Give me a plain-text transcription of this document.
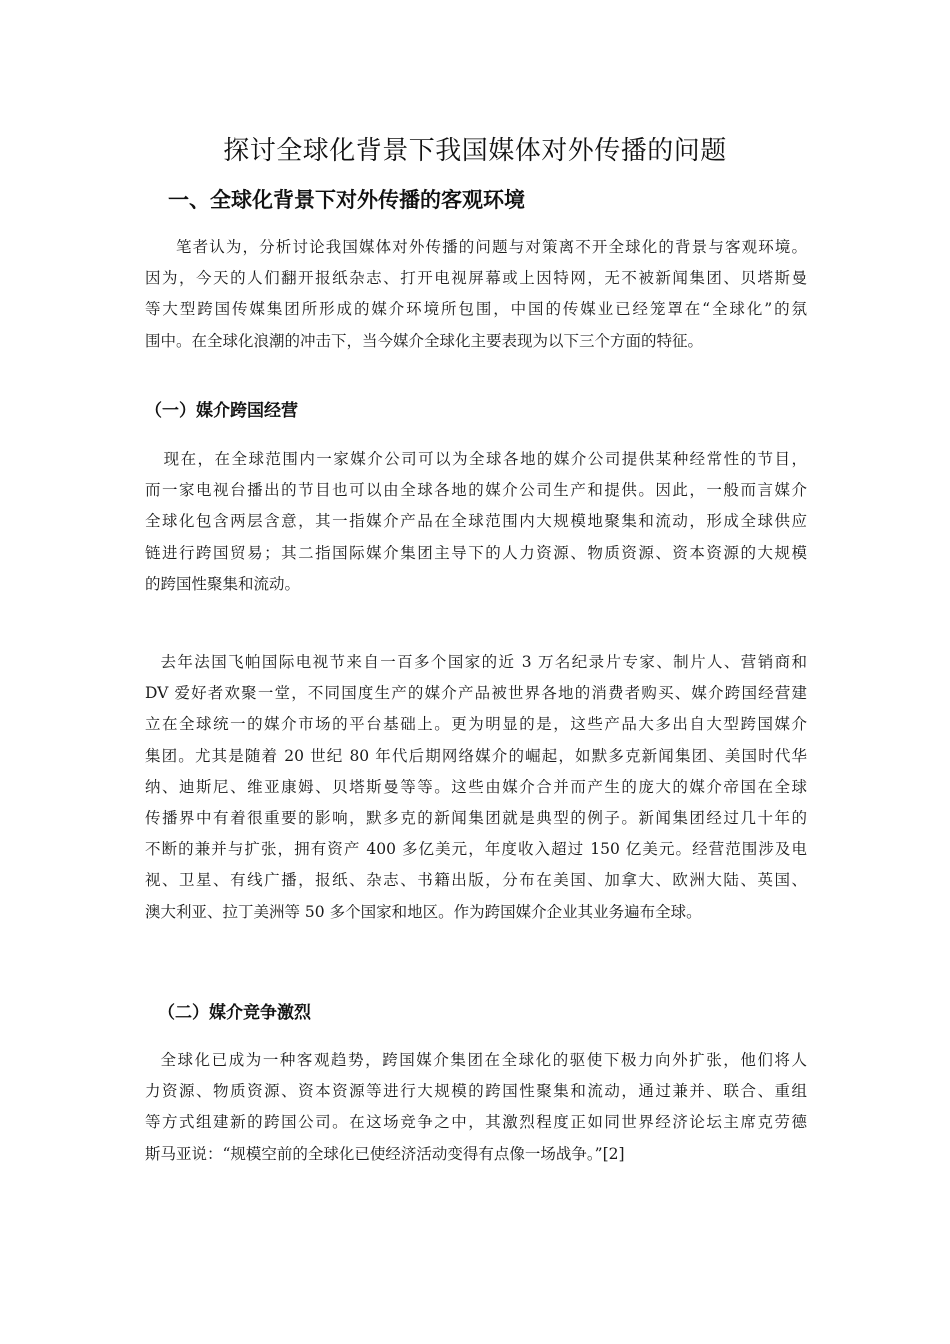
探讨全球化背景下我国媒体对外传播的问题
一、全球化背景下对外传播的客观环境
笔者认为，分析讨论我国媒体对外传播的问题与对策离不开全球化的背景与客观环境。
因为，今天的人们翻开报纸杂志、打开电视屏幕或上因特网，无不被新闻集团、贝塔斯曼
等大型跨国传媒集团所形成的媒介环境所包围，中国的传媒业已经笼罩在“全球化”的氛
围中。在全球化浪潮的冲击下，当今媒介全球化主要表现为以下三个方面的特征。
（一）媒介跨国经营
现在，在全球范围内一家媒介公司可以为全球各地的媒介公司提供某种经常性的节目，
而一家电视台播出的节目也可以由全球各地的媒介公司生产和提供。因此，一般而言媒介
全球化包含两层含意，其一指媒介产品在全球范围内大规模地聚集和流动，形成全球供应
链进行跨国贸易；其二指国际媒介集团主导下的人力资源、物质资源、资本资源的大规模
的跨国性聚集和流动。
去年法国飞帕国际电视节来自一百多个国家的近 3 万名纪录片专家、制片人、营销商和
DV 爱好者欢聚一堂，不同国度生产的媒介产品被世界各地的消费者购买、媒介跨国经营建
立在全球统一的媒介市场的平台基础上。更为明显的是，这些产品大多出自大型跨国媒介
集团。尤其是随着 20 世纪 80 年代后期网络媒介的崛起，如默多克新闻集团、美国时代华
纳、迪斯尼、维亚康姆、贝塔斯曼等等。这些由媒介合并而产生的庞大的媒介帝国在全球
传播界中有着很重要的影响，默多克的新闻集团就是典型的例子。新闻集团经过几十年的
不断的兼并与扩张，拥有资产 400 多亿美元，年度收入超过 150 亿美元。经营范围涉及电
视、卫星、有线广播，报纸、杂志、书籍出版，分布在美国、加拿大、欧洲大陆、英国、
澳大利亚、拉丁美洲等 50 多个国家和地区。作为跨国媒介企业其业务遍布全球。
（二）媒介竞争激烈
全球化已成为一种客观趋势，跨国媒介集团在全球化的驱使下极力向外扩张，他们将人
力资源、物质资源、资本资源等进行大规模的跨国性聚集和流动，通过兼并、联合、重组
等方式组建新的跨国公司。在这场竞争之中，其激烈程度正如同世界经济论坛主席克劳德
斯马亚说：“规模空前的全球化已使经济活动变得有点像一场战争。”[2]
